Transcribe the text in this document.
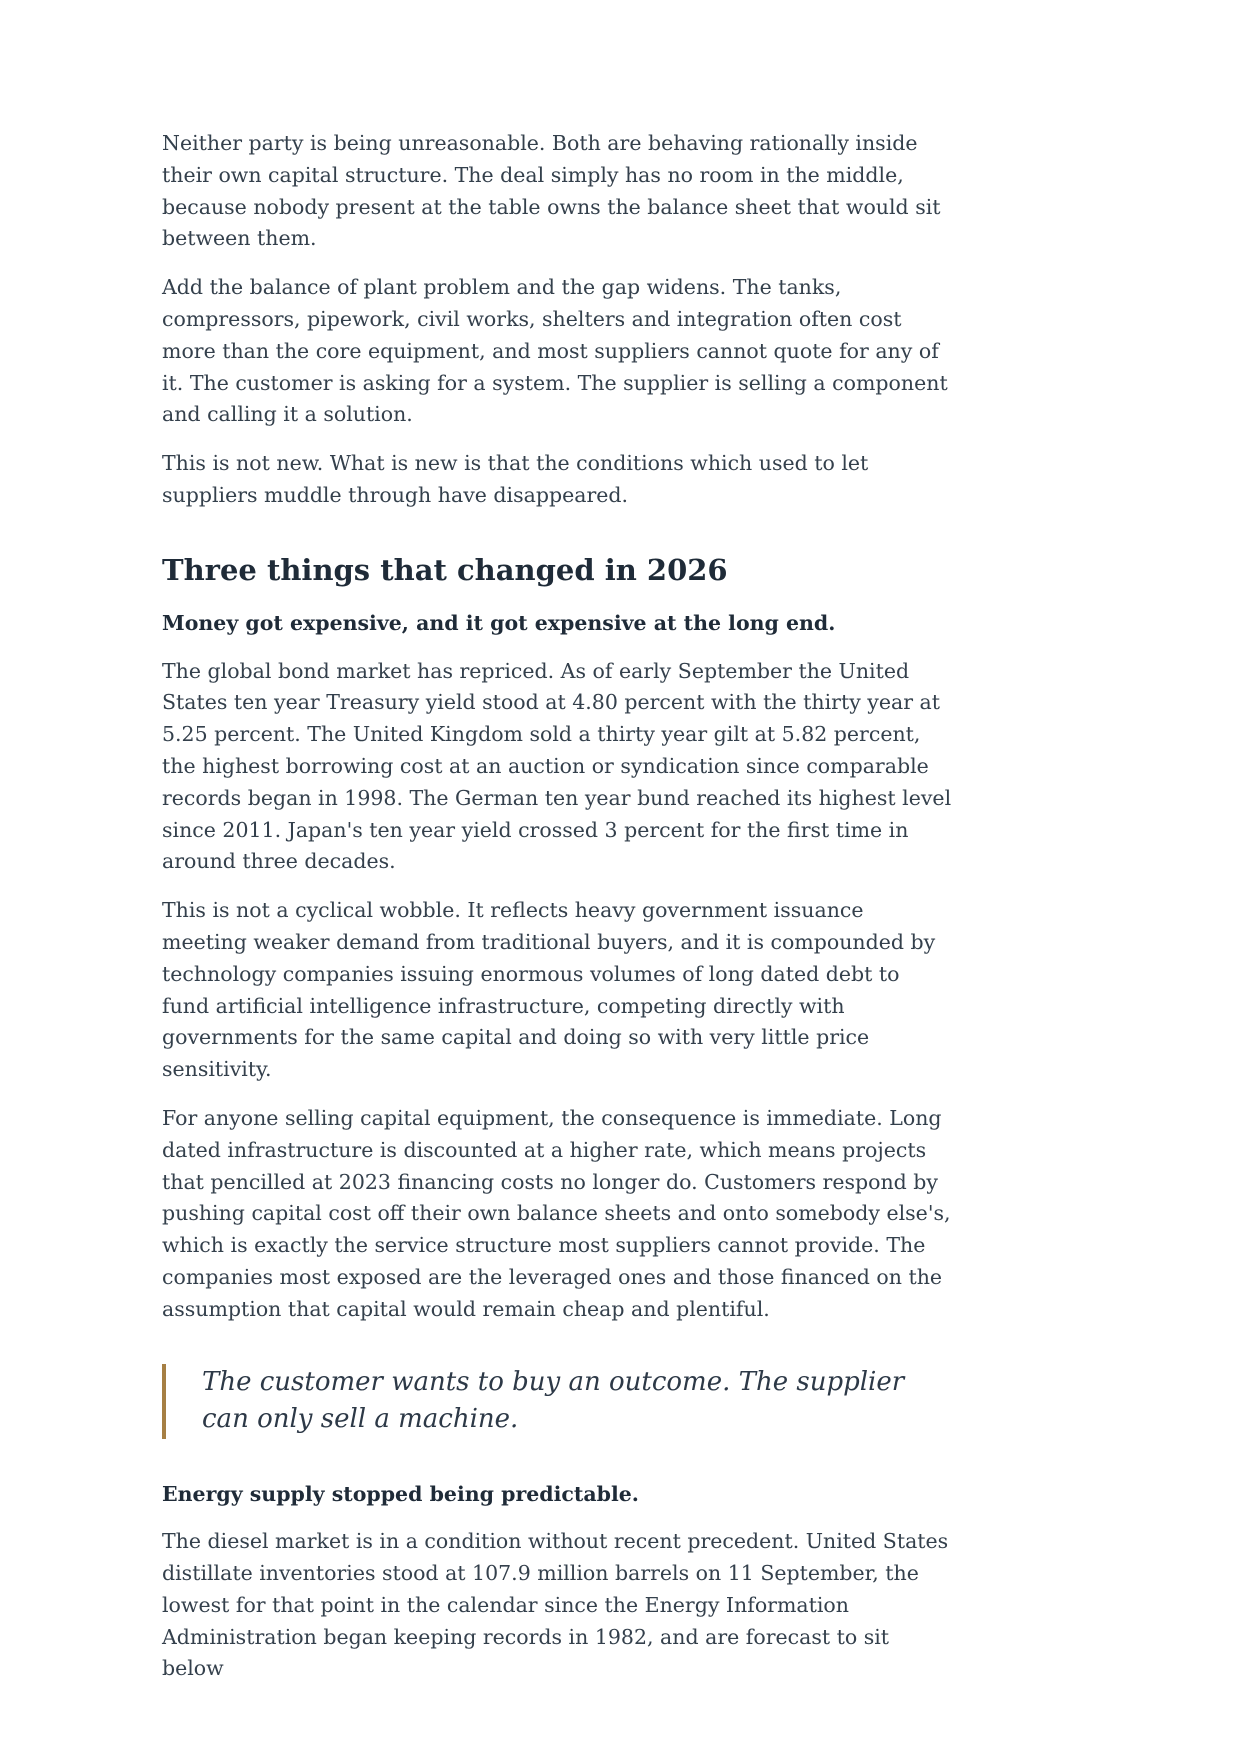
Neither party is being unreasonable. Both are behaving rationally inside their own capital structure. The deal simply has no room in the middle, because nobody present at the table owns the balance sheet that would sit between them.

Add the balance of plant problem and the gap widens. The tanks, compressors, pipework, civil works, shelters and integration often cost more than the core equipment, and most suppliers cannot quote for any of it. The customer is asking for a system. The supplier is selling a component and calling it a solution.

This is not new. What is new is that the conditions which used to let suppliers muddle through have disappeared.

Three things that changed in 2026

Money got expensive, and it got expensive at the long end.

The global bond market has repriced. As of early September the United States ten year Treasury yield stood at 4.80 percent with the thirty year at 5.25 percent. The United Kingdom sold a thirty year gilt at 5.82 percent, the highest borrowing cost at an auction or syndication since comparable records began in 1998. The German ten year bund reached its highest level since 2011. Japan's ten year yield crossed 3 percent for the first time in around three decades.

This is not a cyclical wobble. It reflects heavy government issuance meeting weaker demand from traditional buyers, and it is compounded by technology companies issuing enormous volumes of long dated debt to fund artificial intelligence infrastructure, competing directly with governments for the same capital and doing so with very little price sensitivity.

For anyone selling capital equipment, the consequence is immediate. Long dated infrastructure is discounted at a higher rate, which means projects that pencilled at 2023 financing costs no longer do. Customers respond by pushing capital cost off their own balance sheets and onto somebody else's, which is exactly the service structure most suppliers cannot provide. The companies most exposed are the leveraged ones and those financed on the assumption that capital would remain cheap and plentiful.

The customer wants to buy an outcome. The supplier can only sell a machine.

Energy supply stopped being predictable.

The diesel market is in a condition without recent precedent. United States distillate inventories stood at 107.9 million barrels on 11 September, the lowest for that point in the calendar since the Energy Information Administration began keeping records in 1982, and are forecast to sit below
